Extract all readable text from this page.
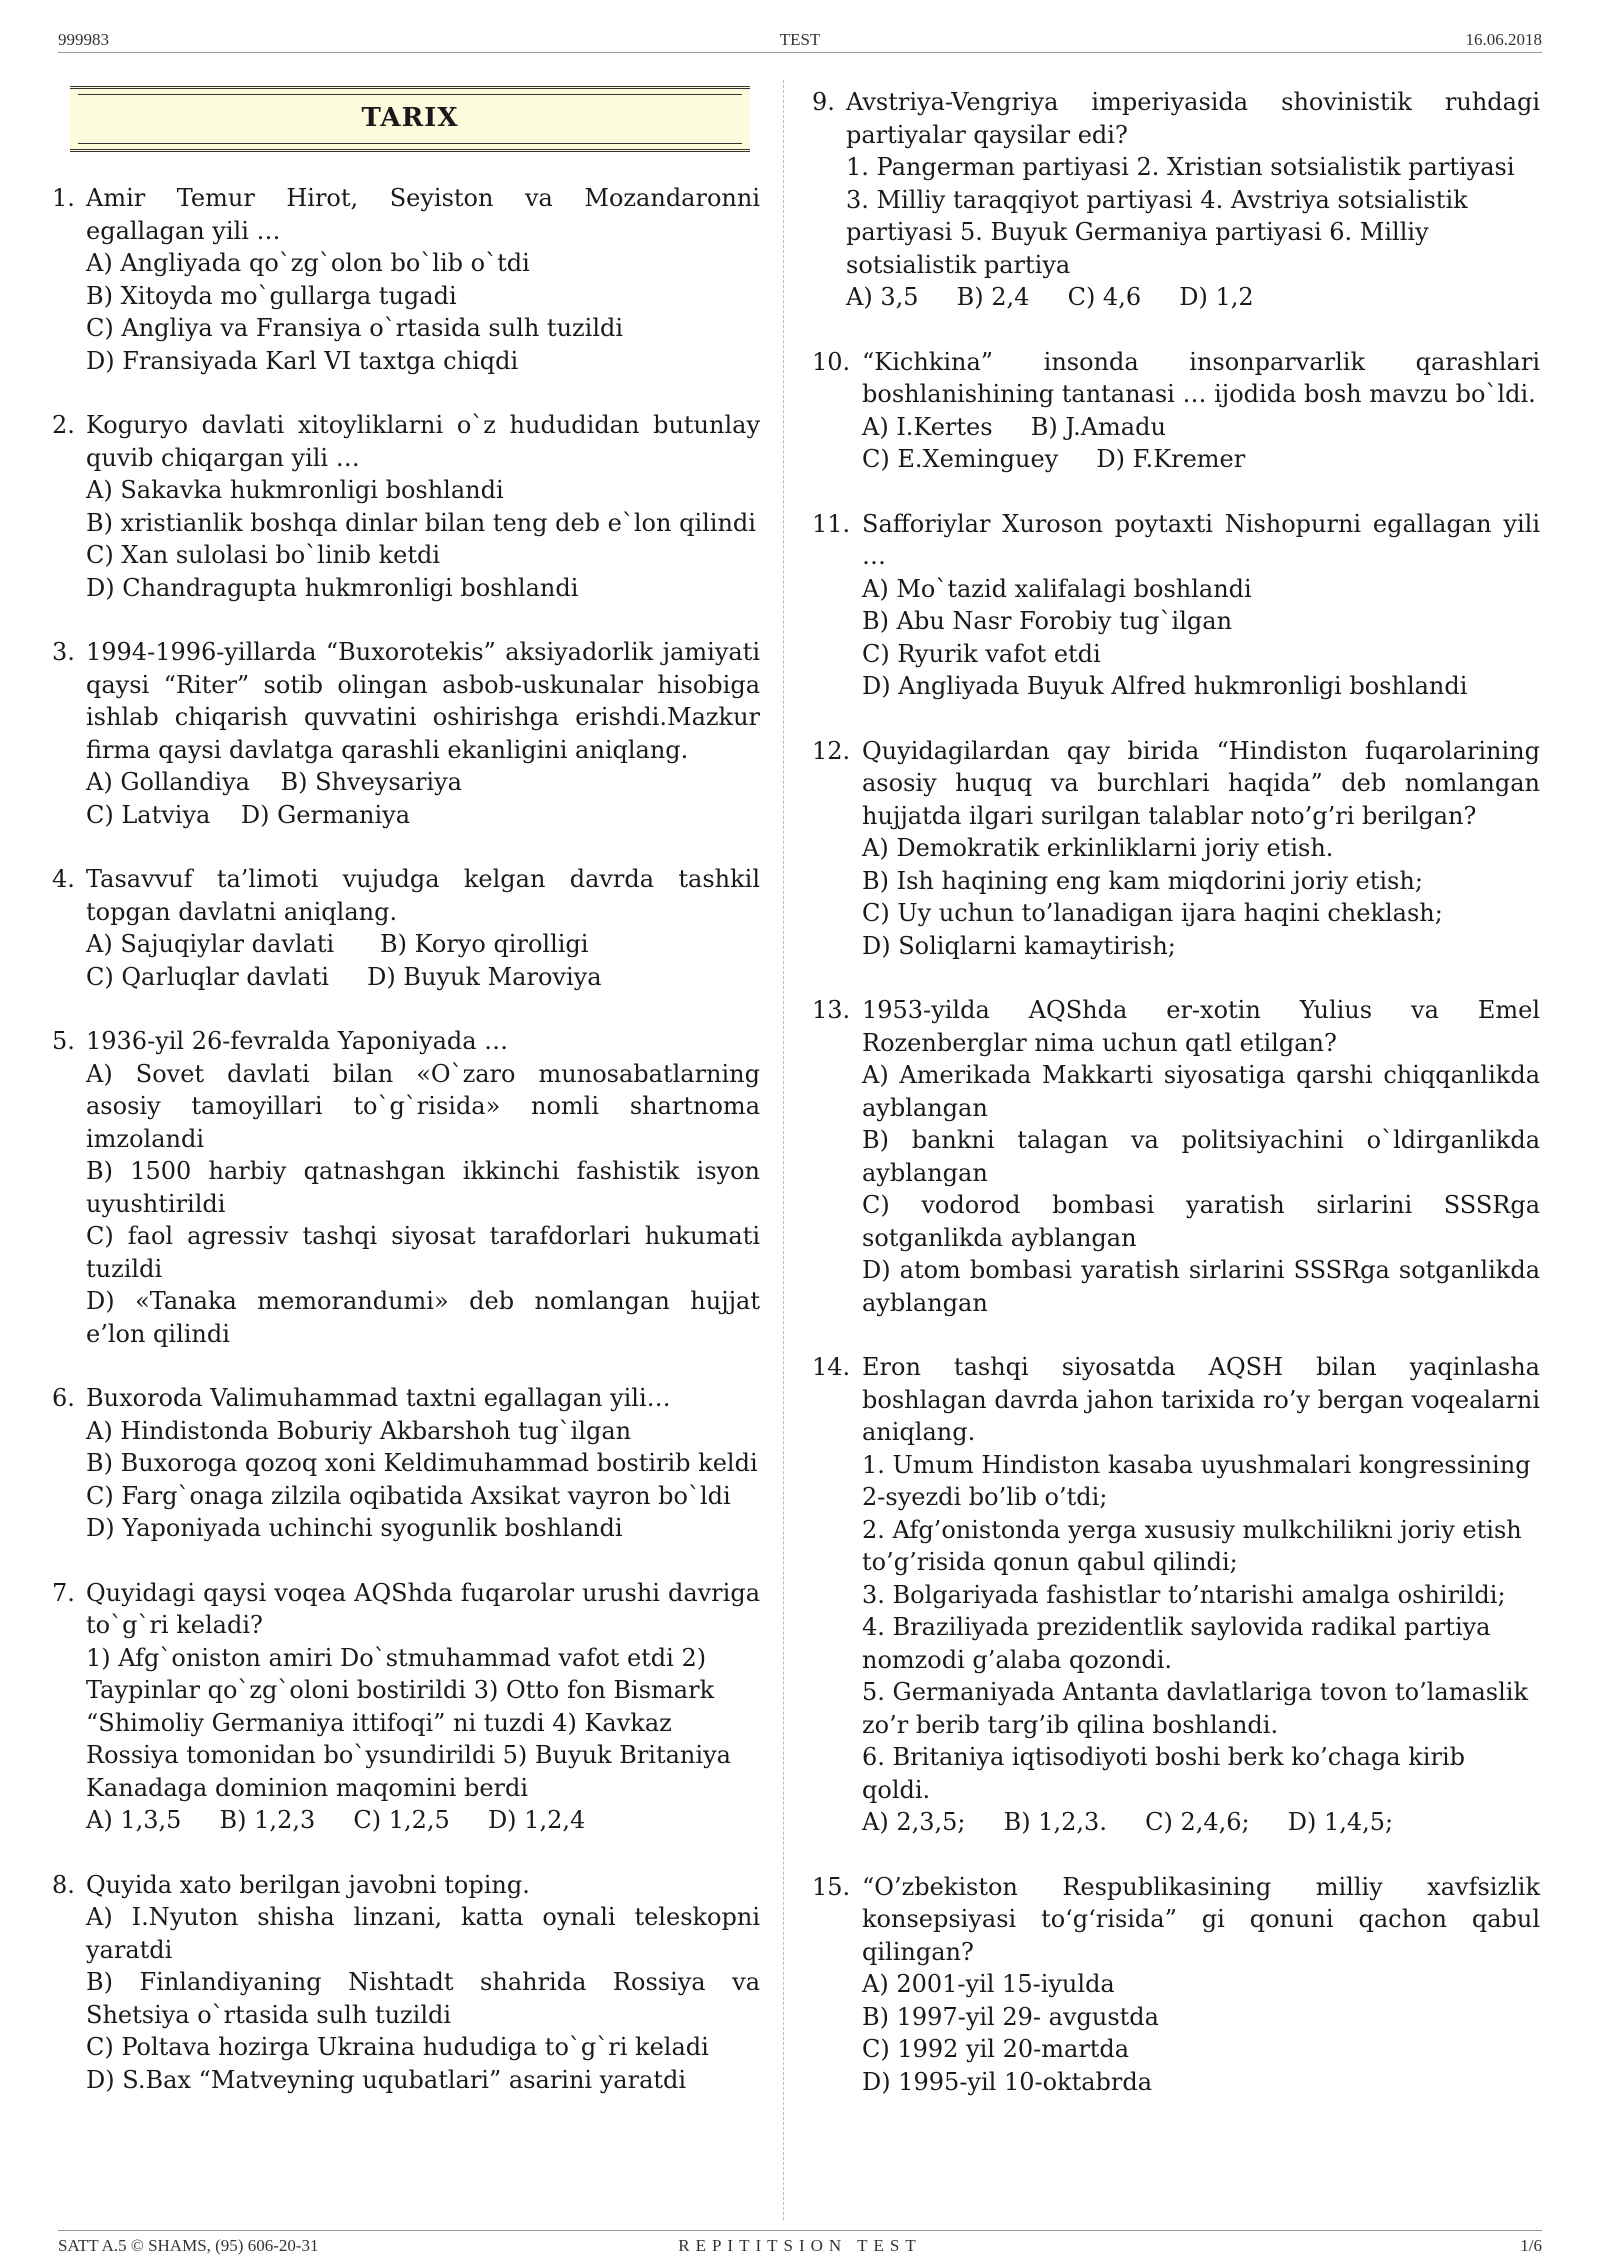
999983	TEST	16.06.2018
TARIX
1. Amir Temur Hirot, Seyiston va Mozandaronni egallagan yili …
A) Angliyada qo`zg`olon bo`lib o`tdi
B) Xitoyda mo`gullarga tugadi
C) Angliya va Fransiya o`rtasida sulh tuzildi
D) Fransiyada Karl VI taxtga chiqdi
2. Koguryo davlati xitoyliklarni o`z hududidan butunlay quvib chiqargan yili …
A) Sakavka hukmronligi boshlandi
B) xristianlik boshqa dinlar bilan teng deb e`lon qilindi
C) Xan sulolasi bo`linib ketdi
D) Chandragupta hukmronligi boshlandi
3. 1994-1996-yillarda “Buxorotekis” aksiyadorlik jamiyati qaysi “Riter” sotib olingan asbob-uskunalar hisobiga ishlab chiqarish quvvatini oshirishga erishdi.Mazkur firma qaysi davlatga qarashli ekanligini aniqlang.
A) Gollandiya    B) Shveysariya
C) Latviya    D) Germaniya
4. Tasavvuf ta’limoti vujudga kelgan davrda tashkil topgan davlatni aniqlang.
A) Sajuqiylar davlati      B) Koryo qirolligi
C) Qarluqlar davlati     D) Buyuk Maroviya
5. 1936-yil 26-fevralda Yaponiyada …
A) Sovet davlati bilan «O`zaro munosabatlarning asosiy tamoyillari to`g`risida» nomli shartnoma imzolandi
B) 1500 harbiy qatnashgan ikkinchi fashistik isyon uyushtirildi
C) faol agressiv tashqi siyosat tarafdorlari hukumati tuzildi
D) «Tanaka memorandumi» deb nomlangan hujjat e’lon qilindi
6. Buxoroda Valimuhammad taxtni egallagan yili…
A) Hindistonda Boburiy Akbarshoh tug`ilgan
B) Buxoroga qozoq xoni Keldimuhammad bostirib keldi
C) Farg`onaga zilzila oqibatida Axsikat vayron bo`ldi
D) Yaponiyada uchinchi syogunlik boshlandi
7. Quyidagi qaysi voqea AQShda fuqarolar urushi davriga to`g`ri keladi?
1) Afg`oniston amiri Do`stmuhammad vafot etdi 2) Taypinlar qo`zg`oloni bostirildi 3) Otto fon Bismark “Shimoliy Germaniya ittifoqi” ni tuzdi 4) Kavkaz Rossiya tomonidan bo`ysundirildi 5) Buyuk Britaniya Kanadaga dominion maqomini berdi
A) 1,3,5     B) 1,2,3     C) 1,2,5     D) 1,2,4
8. Quyida xato berilgan javobni toping.
A) I.Nyuton shisha linzani, katta oynali teleskopni yaratdi
B) Finlandiyaning Nishtadt shahrida Rossiya va Shetsiya o`rtasida sulh tuzildi
C) Poltava hozirga Ukraina hududiga to`g`ri keladi
D) S.Bax “Matveyning uqubatlari” asarini yaratdi
9. Avstriya-Vengriya imperiyasida shovinistik ruhdagi partiyalar qaysilar edi?
1. Pangerman partiyasi 2. Xristian sotsialistik partiyasi 3. Milliy taraqqiyot partiyasi 4. Avstriya sotsialistik partiyasi 5. Buyuk Germaniya partiyasi 6. Milliy sotsialistik partiya
A) 3,5     B) 2,4     C) 4,6     D) 1,2
10. “Kichkina” insonda insonparvarlik qarashlari boshlanishining tantanasi … ijodida bosh mavzu bo`ldi.
A) I.Kertes     B) J.Amadu
C) E.Xeminguey     D) F.Kremer
11. Safforiylar Xuroson poytaxti Nishopurni egallagan yili …
A) Mo`tazid xalifalagi boshlandi
B) Abu Nasr Forobiy tug`ilgan
C) Ryurik vafot etdi
D) Angliyada Buyuk Alfred hukmronligi boshlandi
12. Quyidagilardan qay birida “Hindiston fuqarolarining asosiy huquq va burchlari haqida” deb nomlangan hujjatda ilgari surilgan talablar noto’g’ri berilgan?
A) Demokratik erkinliklarni joriy etish.
B) Ish haqining eng kam miqdorini joriy etish;
C) Uy uchun to’lanadigan ijara haqini cheklash;
D) Soliqlarni kamaytirish;
13. 1953-yilda AQShda er-xotin Yulius va Emel Rozenberglar nima uchun qatl etilgan?
A) Amerikada Makkarti siyosatiga qarshi chiqqanlikda ayblangan
B) bankni talagan va politsiyachini o`ldirganlikda ayblangan
C) vodorod bombasi yaratish sirlarini SSSRga sotganlikda ayblangan
D) atom bombasi yaratish sirlarini SSSRga sotganlikda ayblangan
14. Eron tashqi siyosatda AQSH bilan yaqinlasha boshlagan davrda jahon tarixida ro’y bergan voqealarni aniqlang.
1. Umum Hindiston kasaba uyushmalari kongressining 2-syezdi bo’lib o’tdi;
2. Afg’onistonda yerga xususiy mulkchilikni joriy etish to’g’risida qonun qabul qilindi;
3. Bolgariyada fashistlar to’ntarishi amalga oshirildi;
4. Braziliyada prezidentlik saylovida radikal partiya nomzodi g’alaba qozondi.
5. Germaniyada Antanta davlatlariga tovon to’lamaslik zo’r berib targ’ib qilina boshlandi.
6. Britaniya iqtisodiyoti boshi berk ko’chaga kirib qoldi.
A) 2,3,5;     B) 1,2,3.     C) 2,4,6;     D) 1,4,5;
15. “O’zbekiston Respublikasining milliy xavfsizlik konsepsiyasi to‘g‘risida” gi qonuni qachon qabul qilingan?
A) 2001-yil 15-iyulda
B) 1997-yil 29- avgustda
C) 1992 yil 20-martda
D) 1995-yil 10-oktabrda
SATT A.5 © SHAMS, (95) 606-20-31	REPITITSION TEST	1/6
